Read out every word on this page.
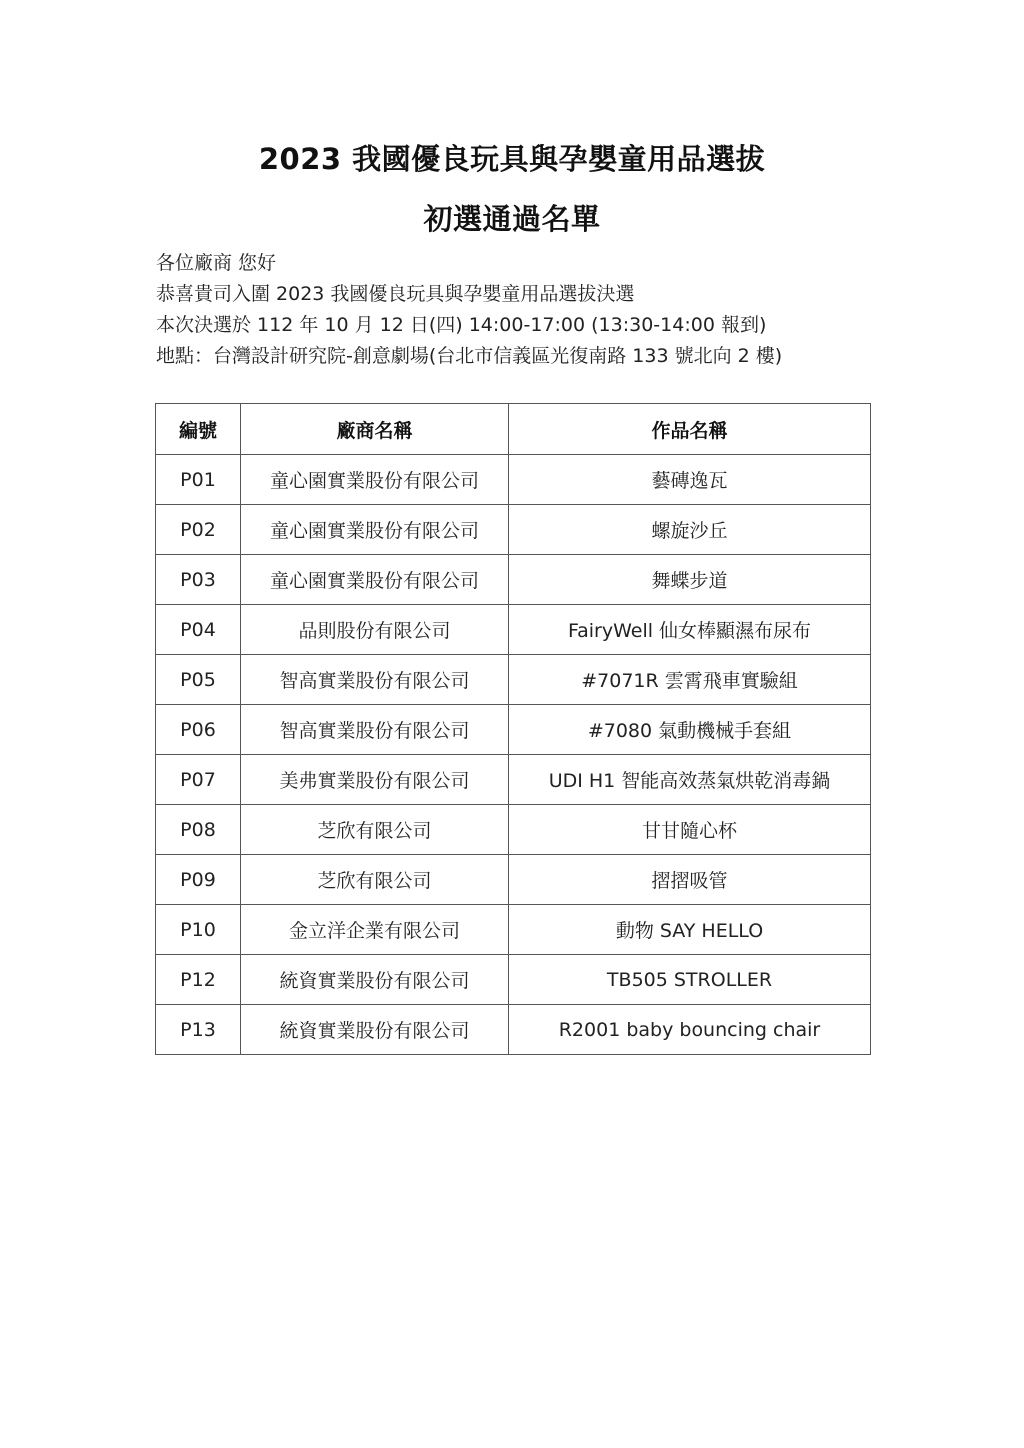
2023 我國優良玩具與孕嬰童用品選拔
初選通過名單
各位廠商 您好
恭喜貴司入圍 2023 我國優良玩具與孕嬰童用品選拔決選
本次決選於 112 年 10 月 12 日(四) 14:00-17:00 (13:30-14:00 報到)
地點：台灣設計研究院-創意劇場(台北市信義區光復南路 133 號北向 2 樓)
編號	廠商名稱	作品名稱
P01	童心園實業股份有限公司	藝磚逸瓦
P02	童心園實業股份有限公司	螺旋沙丘
P03	童心園實業股份有限公司	舞蝶步道
P04	品則股份有限公司	FairyWell 仙女棒顯濕布尿布
P05	智高實業股份有限公司	#7071R 雲霄飛車實驗組
P06	智高實業股份有限公司	#7080 氣動機械手套組
P07	美弗實業股份有限公司	UDI H1 智能高效蒸氣烘乾消毒鍋
P08	芝欣有限公司	甘甘隨心杯
P09	芝欣有限公司	摺摺吸管
P10	金立洋企業有限公司	動物 SAY HELLO
P12	統資實業股份有限公司	TB505 STROLLER
P13	統資實業股份有限公司	R2001 baby bouncing chair
